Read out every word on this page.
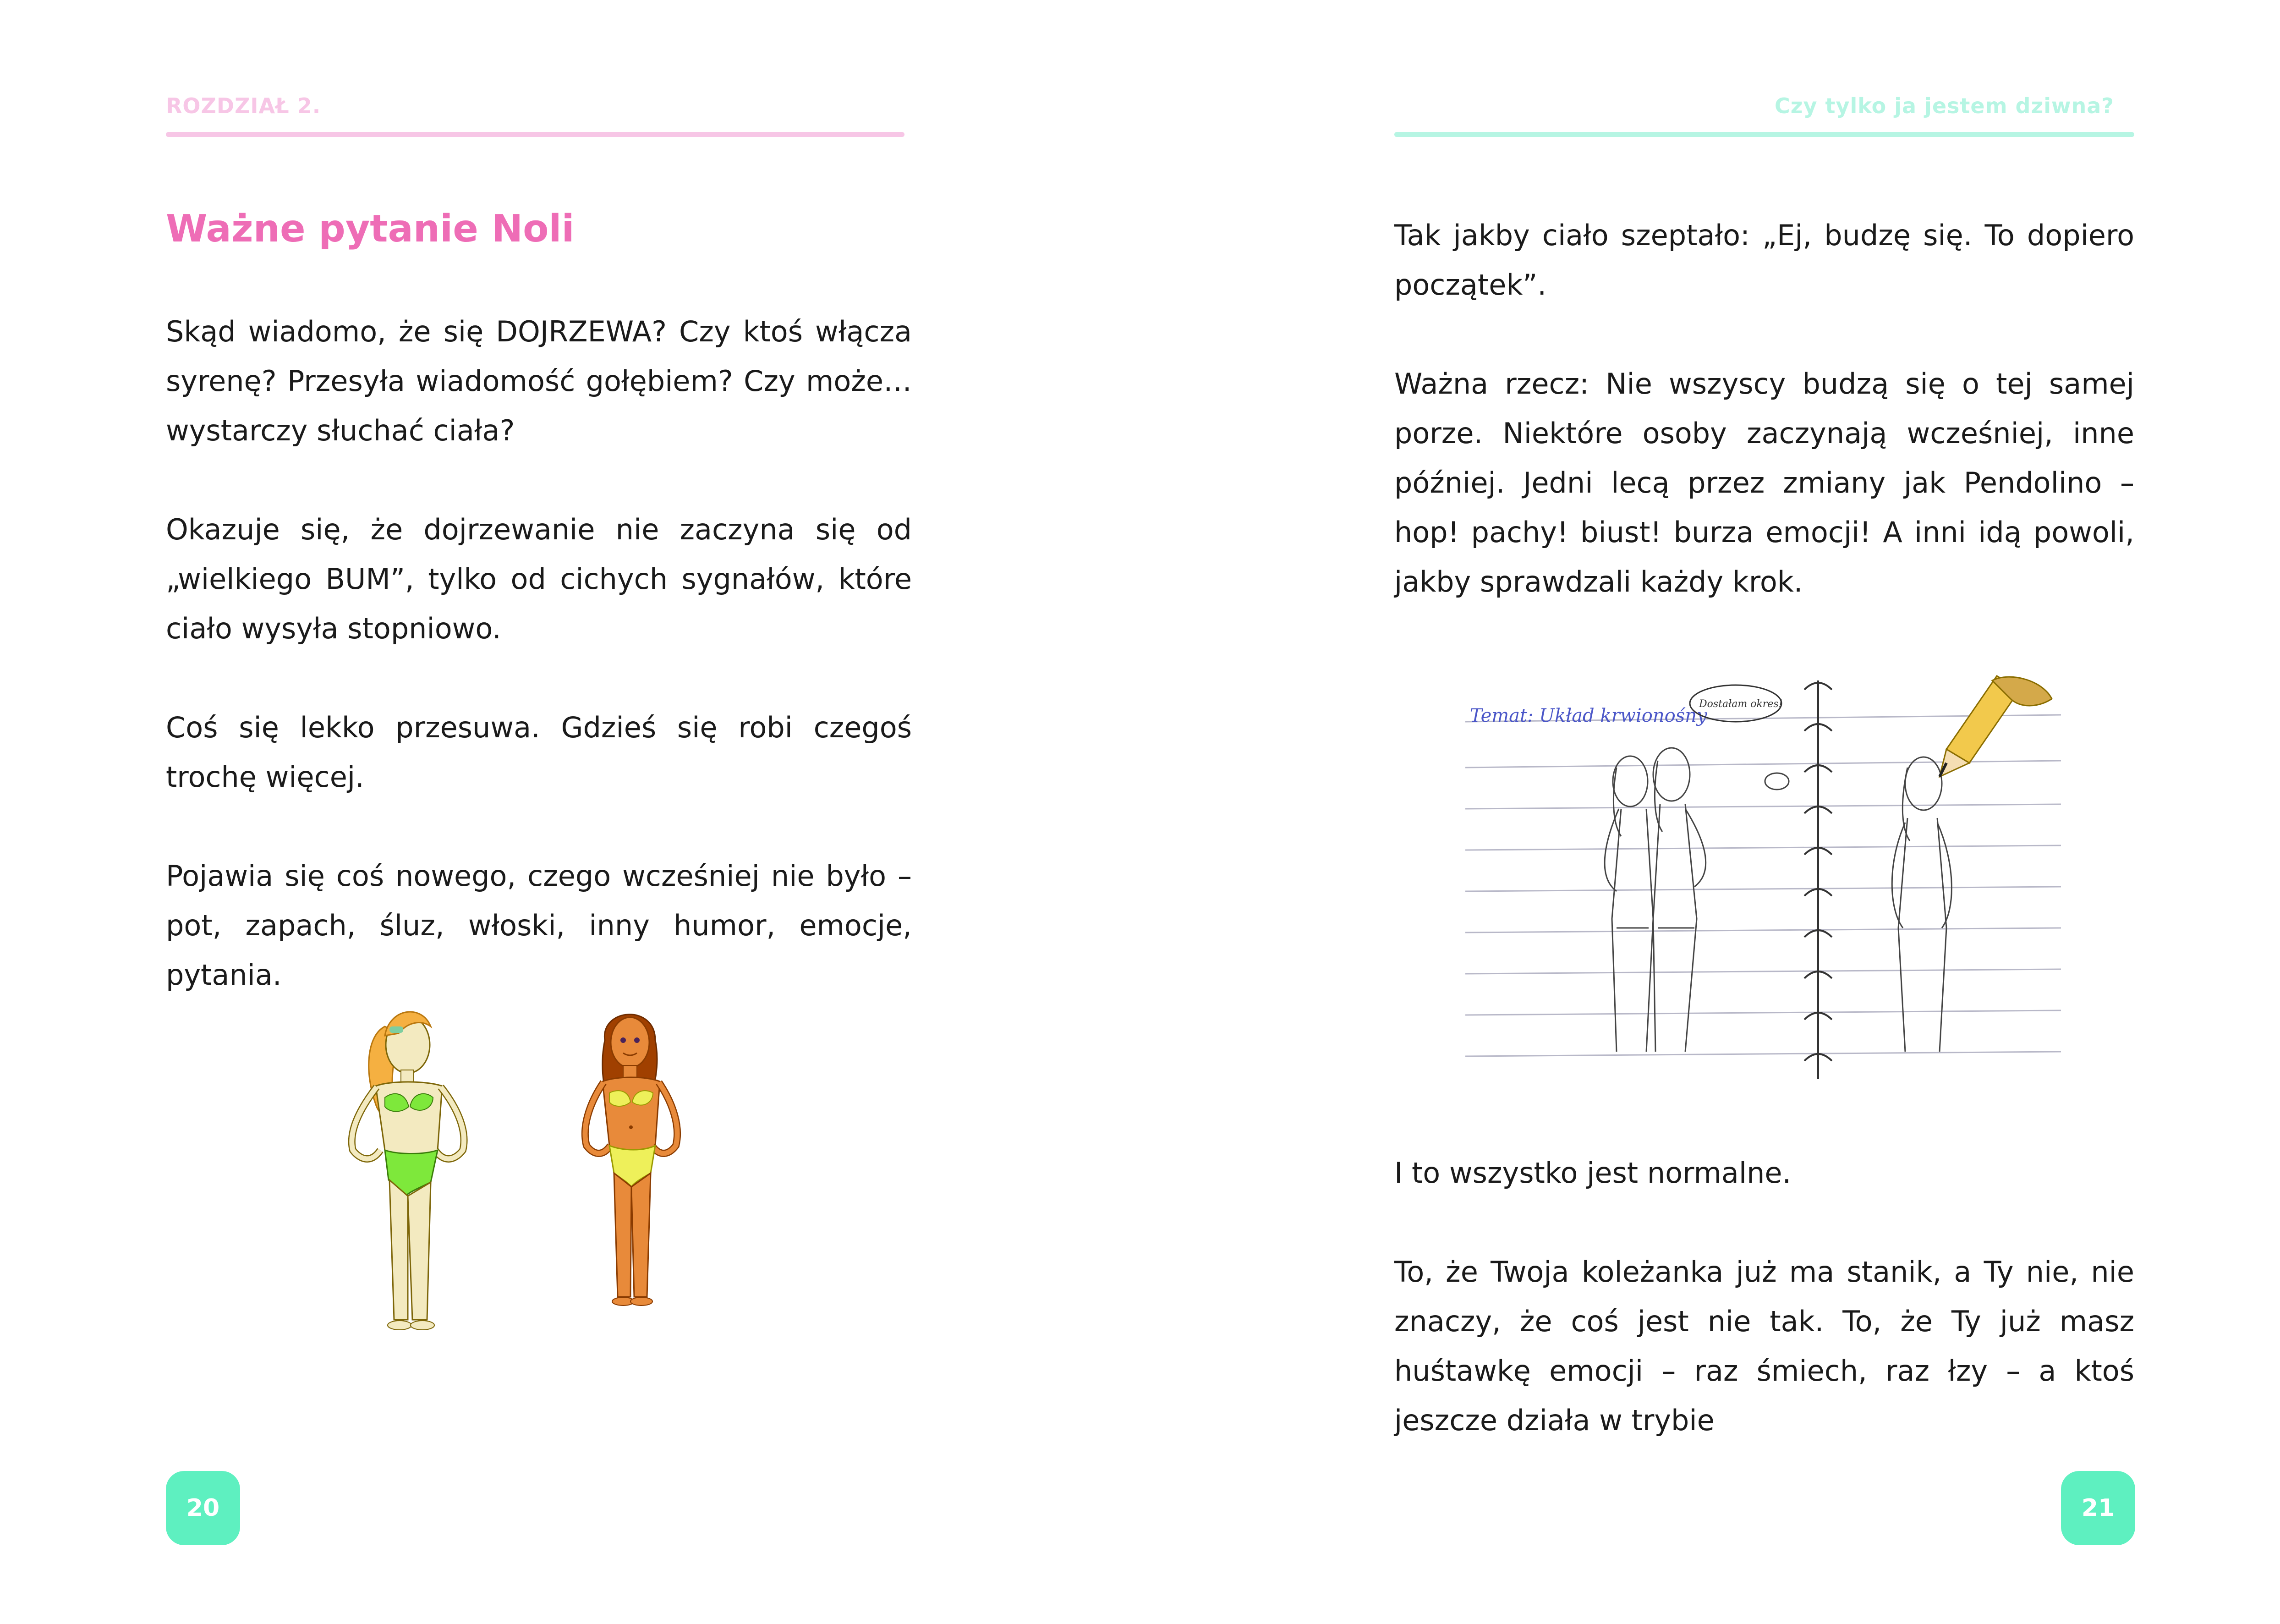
ROZDZIAŁ 2.
Ważne pytanie Noli

Skąd wiadomo, że się DOJRZEWA? Czy ktoś włącza syrenę? Przesyła wiadomość gołębiem? Czy może… wystarczy słuchać ciała?

Okazuje się, że dojrzewanie nie zaczyna się od „wielkiego BUM”, tylko od cichych sygnałów, które ciało wysyła stopniowo.

Coś się lekko przesuwa. Gdzieś się robi czegoś trochę więcej.

Pojawia się coś nowego, czego wcześniej nie było – pot, zapach, śluz, włoski, inny humor, emocje, pytania.

20
Czy tylko ja jestem dziwna?

Tak jakby ciało szeptało: „Ej, budzę się. To dopiero początek”.

Ważna rzecz: Nie wszyscy budzą się o tej samej porze. Niektóre osoby zaczynają wcześniej, inne później. Jedni lecą przez zmiany jak Pendolino – hop! pachy! biust! burza emocji! A inni idą powoli, jakby sprawdzali każdy krok.

Temat: Układ krwionośny
Dostałam okres!

I to wszystko jest normalne.

To, że Twoja koleżanka już ma stanik, a Ty nie, nie znaczy, że coś jest nie tak. To, że Ty już masz huśtawkę emocji – raz śmiech, raz łzy – a ktoś jeszcze działa w trybie

21
